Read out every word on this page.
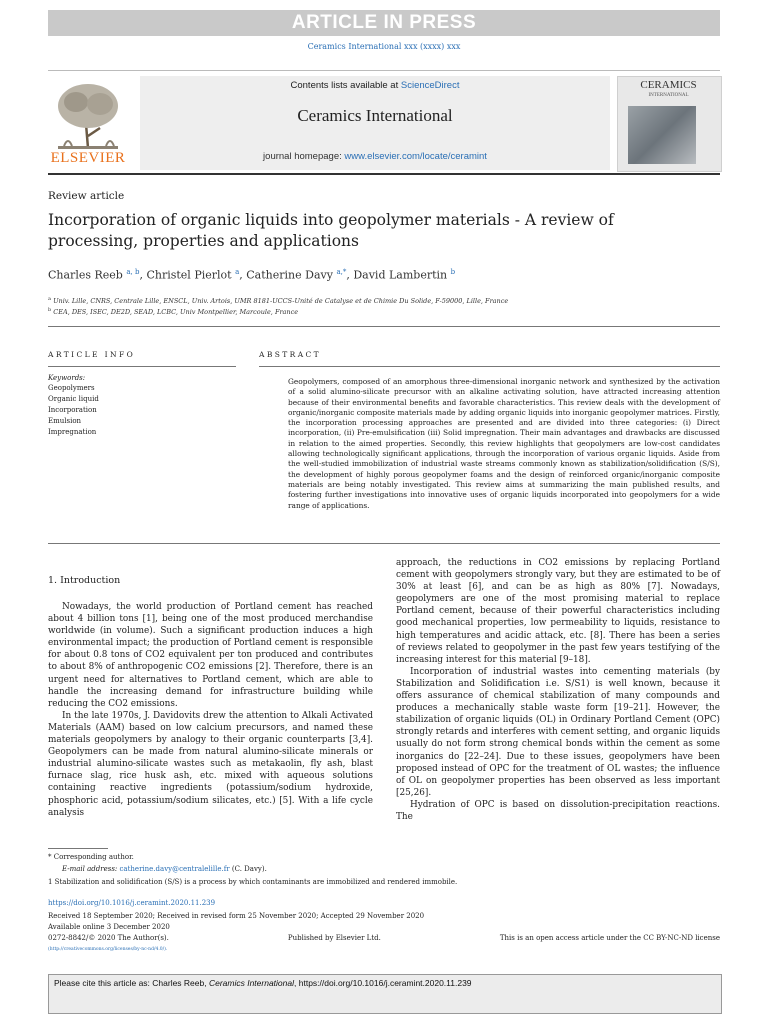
ARTICLE IN PRESS
Ceramics International xxx (xxxx) xxx
ELSEVIER
Contents lists available at ScienceDirect
Ceramics International
journal homepage: www.elsevier.com/locate/ceramint
CERAMICS
INTERNATIONAL
Review article
Incorporation of organic liquids into geopolymer materials - A review of processing, properties and applications
Charles Reeb $^{a, b}$, Christel Pierlot $^a$, Catherine Davy $^{a,*}$, David Lambertin $^b$
$^a$ Univ. Lille, CNRS, Centrale Lille, ENSCL, Univ. Artois, UMR 8181-UCCS-Unité de Catalyse et de Chimie Du Solide, F-59000, Lille, France
$^b$ CEA, DES, ISEC, DE2D, SEAD, LCBC, Univ Montpellier, Marcoule, France
ARTICLE INFO
Keywords:
Geopolymers
Organic liquid
Incorporation
Emulsion
Impregnation
ABSTRACT
Geopolymers, composed of an amorphous three-dimensional inorganic network and synthesized by the activation of a solid alumino-silicate precursor with an alkaline activating solution, have attracted increasing attention because of their environmental benefits and favorable characteristics. This review deals with the development of organic/inorganic composite materials made by adding organic liquids into inorganic geopolymer matrices. Firstly, the incorporation processing approaches are presented and are divided into three categories: (i) Direct incorporation, (ii) Pre-emulsification (iii) Solid impregnation. Their main advantages and drawbacks are discussed in relation to the aimed properties. Secondly, this review highlights that geopolymers are low-cost candidates allowing technologically significant applications, through the incorporation of various organic liquids. Aside from the well-studied immobilization of industrial waste streams commonly known as stabilization/solidification (S/S), the development of highly porous geopolymer foams and the design of reinforced organic/inorganic composite materials are being notably investigated. This review aims at summarizing the main published results, and fostering further investigations into innovative uses of organic liquids incorporated into geopolymers for a wide range of applications.
1. Introduction

Nowadays, the world production of Portland cement has reached about 4 billion tons [1], being one of the most produced merchandise worldwide (in volume). Such a significant production induces a high environmental impact; the production of Portland cement is responsible for about 0.8 tons of CO2 equivalent per ton produced and contributes to about 8% of anthropogenic CO2 emissions [2]. Therefore, there is an urgent need for alternatives to Portland cement, which are able to handle the increasing demand for infrastructure building while reducing the CO2 emissions.

In the late 1970s, J. Davidovits drew the attention to Alkali Activated Materials (AAM) based on low calcium precursors, and named these materials geopolymers by analogy to their organic counterparts [3,4]. Geopolymers can be made from natural alumino-silicate minerals or industrial alumino-silicate wastes such as metakaolin, fly ash, blast furnace slag, rice husk ash, etc. mixed with aqueous solutions containing reactive ingredients (potassium/sodium hydroxide, phosphoric acid, potassium/sodium silicates, etc.) [5]. With a life cycle analysis

approach, the reductions in CO2 emissions by replacing Portland cement with geopolymers strongly vary, but they are estimated to be of 30% at least [6], and can be as high as 80% [7]. Nowadays, geopolymers are one of the most promising material to replace Portland cement, because of their powerful characteristics including good mechanical properties, low permeability to liquids, resistance to high temperatures and acidic attack, etc. [8]. There has been a series of reviews related to geopolymer in the past few years testifying of the increasing interest for this material [9–18].

Incorporation of industrial wastes into cementing materials (by Stabilization and Solidification i.e. S/S1) is well known, because it offers assurance of chemical stabilization of many compounds and produces a mechanically stable waste form [19–21]. However, the stabilization of organic liquids (OL) in Ordinary Portland Cement (OPC) strongly retards and interferes with cement setting, and organic liquids usually do not form strong chemical bonds within the cement as some inorganics do [22–24]. Due to these issues, geopolymers have been proposed instead of OPC for the treatment of OL wastes; the influence of OL on geopolymer properties has been observed as less important [25,26].

Hydration of OPC is based on dissolution-precipitation reactions. The

* Corresponding author.
E-mail address: catherine.davy@centralelille.fr (C. Davy).
1 Stabilization and solidification (S/S) is a process by which contaminants are immobilized and rendered immobile.
https://doi.org/10.1016/j.ceramint.2020.11.239
Received 18 September 2020; Received in revised form 25 November 2020; Accepted 29 November 2020
Available online 3 December 2020
0272-8842/© 2020 The Author(s).	Published by Elsevier Ltd.	This is an open access article under the CC BY-NC-ND license
(http://creativecommons.org/licenses/by-nc-nd/4.0/).
Please cite this article as: Charles Reeb, Ceramics International, https://doi.org/10.1016/j.ceramint.2020.11.239
